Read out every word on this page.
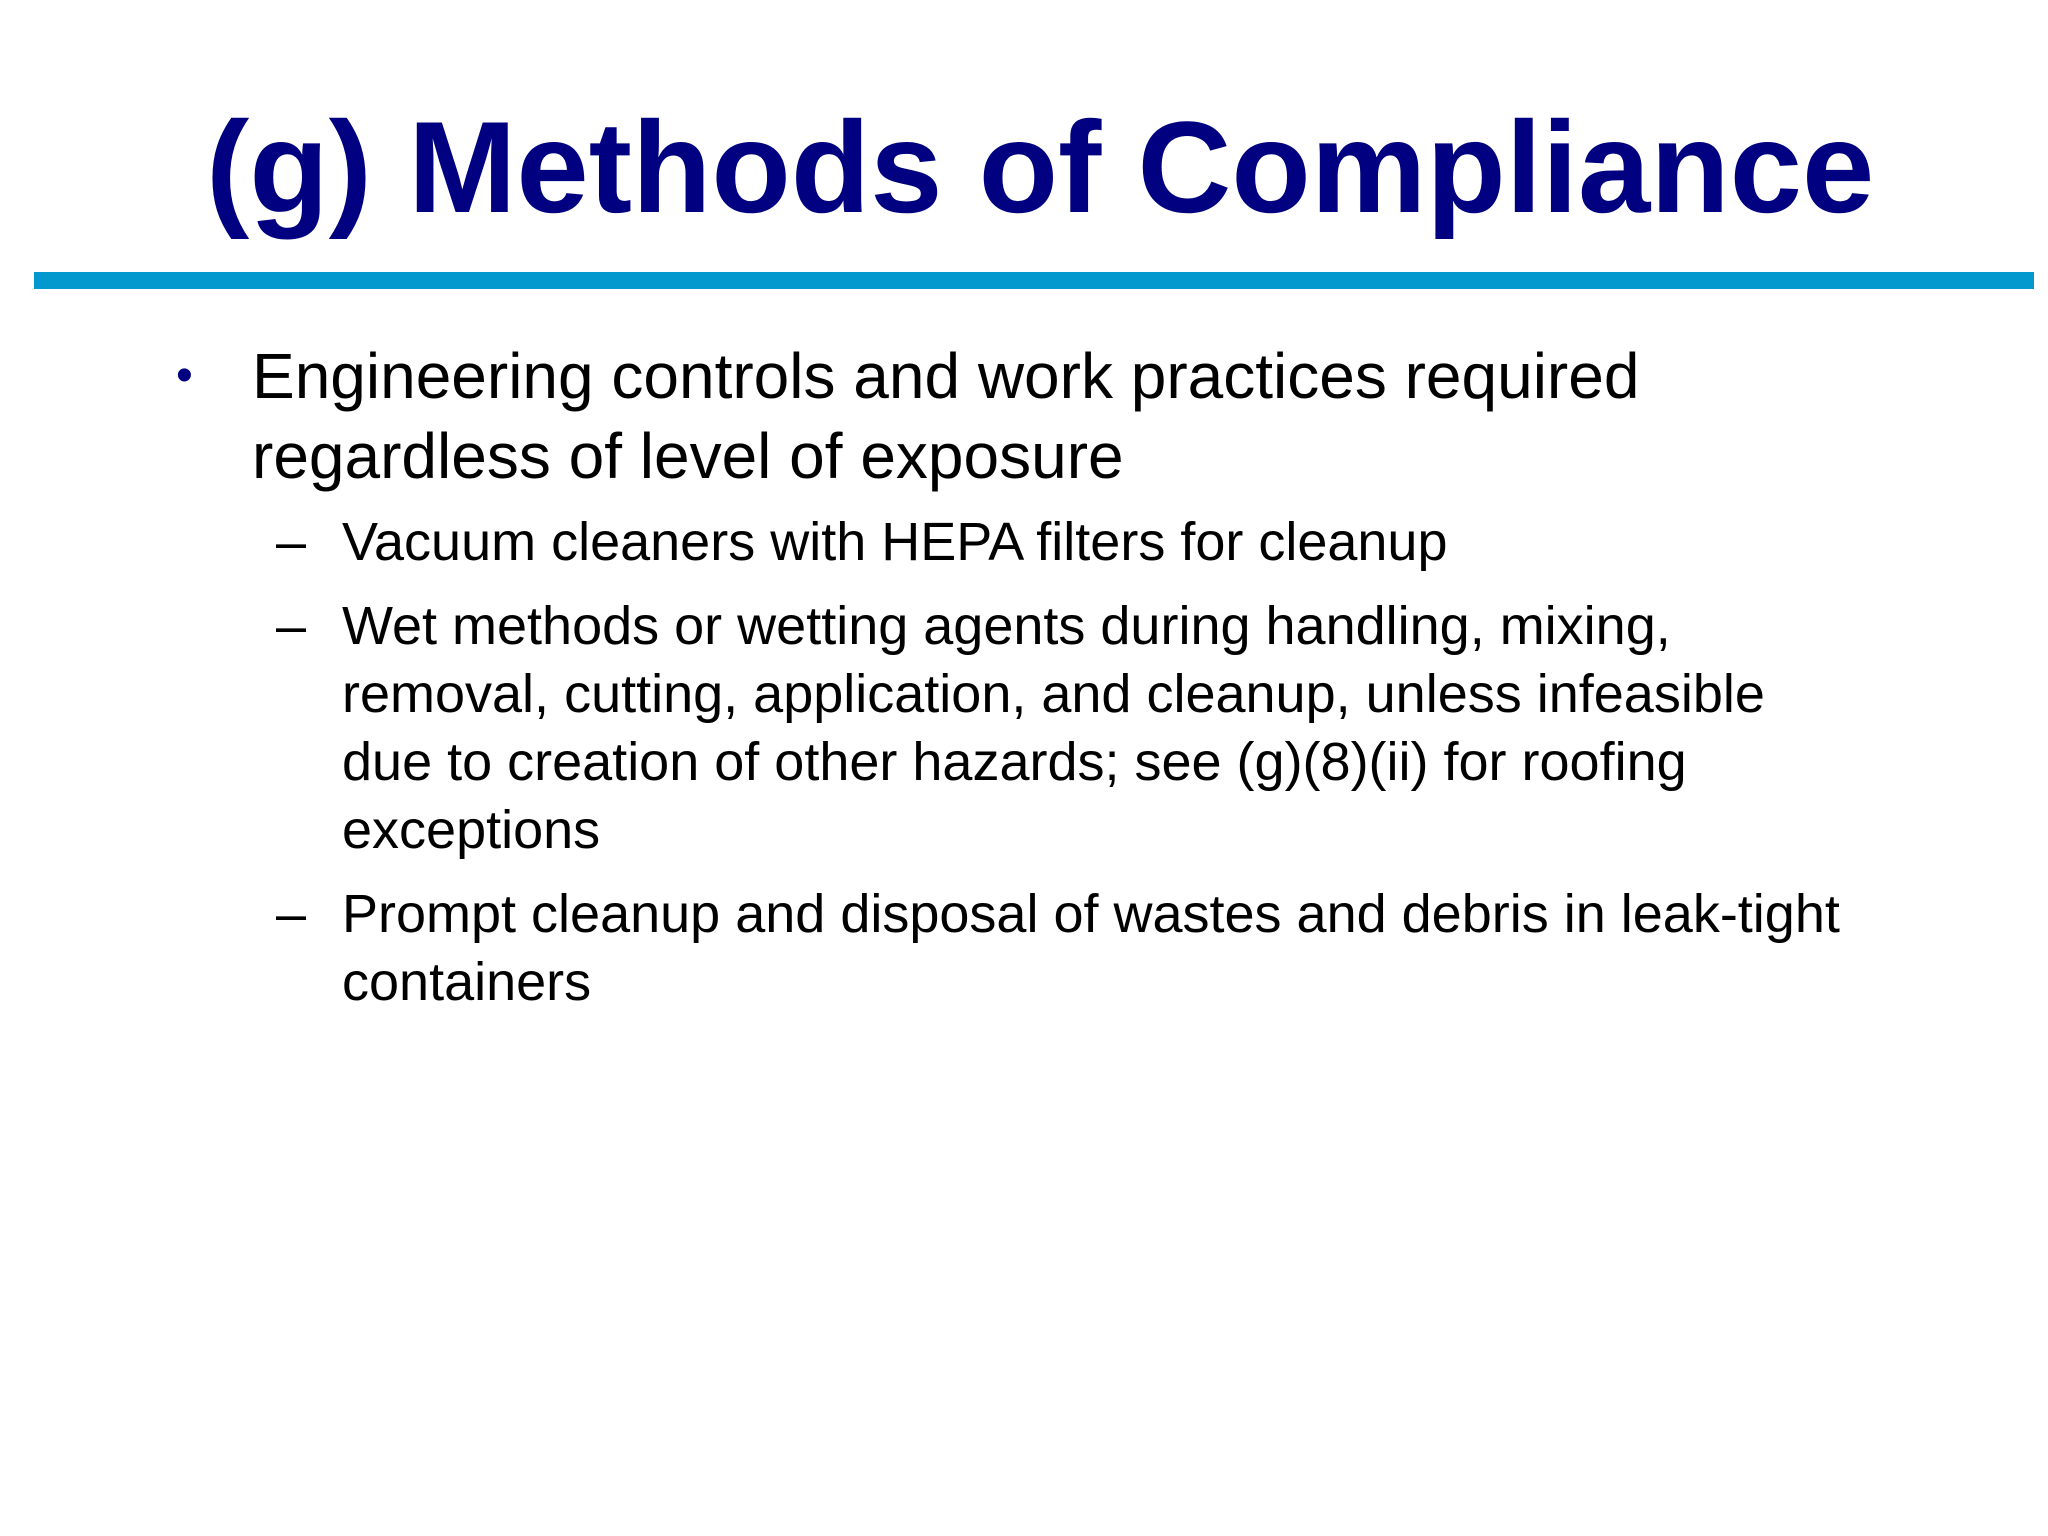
(g) Methods of Compliance
• Engineering controls and work practices required regardless of level of exposure
– Vacuum cleaners with HEPA filters for cleanup
– Wet methods or wetting agents during handling, mixing, removal, cutting, application, and cleanup, unless infeasible due to creation of other hazards; see (g)(8)(ii) for roofing exceptions
– Prompt cleanup and disposal of wastes and debris in leak-tight containers
